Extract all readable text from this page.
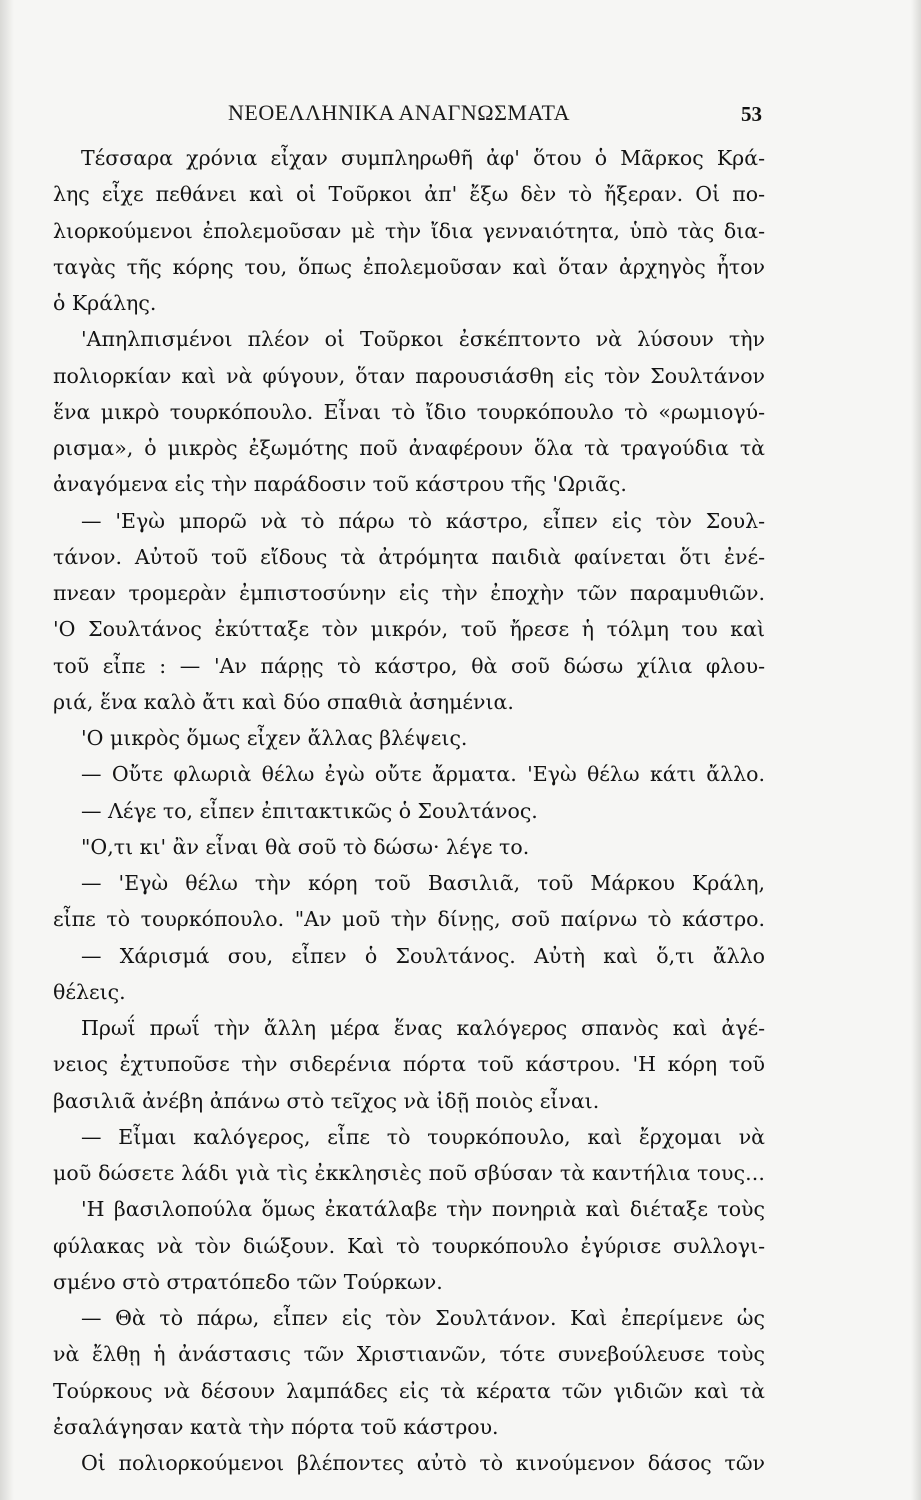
ΝΕΟΕΛΛΗΝΙΚΑ ΑΝΑΓΝΩΣΜΑΤΑ	53
Τέσσαρα χρόνια εἶχαν συμπληρωθῆ ἀφ' ὅτου ὁ Μᾶρκος Κρά-
λης εἶχε πεθάνει καὶ οἱ Τοῦρκοι ἀπ' ἔξω δὲν τὸ ἤξεραν. Οἱ πο-
λιορκούμενοι ἐπολεμοῦσαν μὲ τὴν ἴδια γενναιότητα, ὑπὸ τὰς δια-
ταγὰς τῆς κόρης του, ὅπως ἐπολεμοῦσαν καὶ ὅταν ἀρχηγὸς ἦτον
ὁ Κράλης.
'Απηλπισμένοι πλέον οἱ Τοῦρκοι ἐσκέπτοντο νὰ λύσουν τὴν
πολιορκίαν καὶ νὰ φύγουν, ὅταν παρουσιάσθη εἰς τὸν Σουλτάνον
ἕνα μικρὸ τουρκόπουλο. Εἶναι τὸ ἴδιο τουρκόπουλο τὸ «ρωμιογύ-
ρισμα», ὁ μικρὸς ἐξωμότης ποῦ ἀναφέρουν ὅλα τὰ τραγούδια τὰ
ἀναγόμενα εἰς τὴν παράδοσιν τοῦ κάστρου τῆς 'Ωριᾶς.
— 'Εγὼ μπορῶ νὰ τὸ πάρω τὸ κάστρο, εἶπεν εἰς τὸν Σουλ-
τάνον. Αὐτοῦ τοῦ εἴδους τὰ ἀτρόμητα παιδιὰ φαίνεται ὅτι ἐνέ-
πνεαν τρομερὰν ἐμπιστοσύνην εἰς τὴν ἐποχὴν τῶν παραμυθιῶν.
'Ο Σουλτάνος ἐκύτταξε τὸν μικρόν, τοῦ ἤρεσε ἡ τόλμη του καὶ
τοῦ εἶπε : — 'Αν πάρῃς τὸ κάστρο, θὰ σοῦ δώσω χίλια φλου-
ριά, ἕνα καλὸ ἄτι καὶ δύο σπαθιὰ ἀσημένια.
'Ο μικρὸς ὅμως εἶχεν ἄλλας βλέψεις.
— Οὔτε φλωριὰ θέλω ἐγὼ οὔτε ἄρματα. 'Εγὼ θέλω κάτι ἄλλο.
— Λέγε το, εἶπεν ἐπιτακτικῶς ὁ Σουλτάνος.
"Ο,τι κι' ἂν εἶναι θὰ σοῦ τὸ δώσω· λέγε το.
— 'Εγὼ θέλω τὴν κόρη τοῦ Βασιλιᾶ, τοῦ Μάρκου Κράλη,
εἶπε τὸ τουρκόπουλο. "Αν μοῦ τὴν δίνῃς, σοῦ παίρνω τὸ κάστρο.
— Χάρισμά σου, εἶπεν ὁ Σουλτάνος. Αὐτὴ καὶ ὅ,τι ἄλλο
θέλεις.
Πρωΐ πρωΐ τὴν ἄλλη μέρα ἕνας καλόγερος σπανὸς καὶ ἀγέ-
νειος ἐχτυποῦσε τὴν σιδερένια πόρτα τοῦ κάστρου. 'Η κόρη τοῦ
βασιλιᾶ ἀνέβη ἀπάνω στὸ τεῖχος νὰ ἰδῇ ποιὸς εἶναι.
— Εἶμαι καλόγερος, εἶπε τὸ τουρκόπουλο, καὶ ἔρχομαι νὰ
μοῦ δώσετε λάδι γιὰ τὶς ἐκκλησιὲς ποῦ σβύσαν τὰ καντήλια τους...
'Η βασιλοπούλα ὅμως ἐκατάλαβε τὴν πονηριὰ καὶ διέταξε τοὺς
φύλακας νὰ τὸν διώξουν. Καὶ τὸ τουρκόπουλο ἐγύρισε συλλογι-
σμένο στὸ στρατόπεδο τῶν Τούρκων.
— Θὰ τὸ πάρω, εἶπεν εἰς τὸν Σουλτάνον. Καὶ ἐπερίμενε ὡς
νὰ ἔλθῃ ἡ ἀνάστασις τῶν Χριστιανῶν, τότε συνεβούλευσε τοὺς
Τούρκους νὰ δέσουν λαμπάδες εἰς τὰ κέρατα τῶν γιδιῶν καὶ τὰ
ἐσαλάγησαν κατὰ τὴν πόρτα τοῦ κάστρου.
Οἱ πολιορκούμενοι βλέποντες αὐτὸ τὸ κινούμενον δάσος τῶν
